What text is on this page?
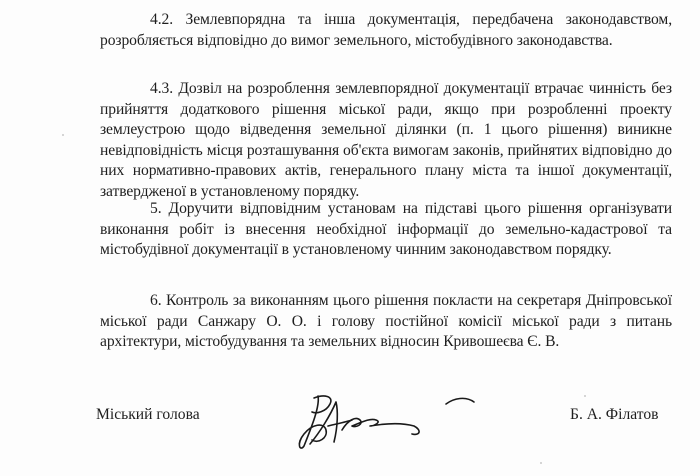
4.2. Землевпорядна та інша документація, передбачена законодавством, розробляється відповідно до вимог земельного, містобудівного законодавства.
4.3. Дозвіл на розроблення землевпорядної документації втрачає чинність без прийняття додаткового рішення міської ради, якщо при розробленні проекту землеустрою щодо відведення земельної ділянки (п. 1 цього рішення) виникне невідповідність місця розташування об'єкта вимогам законів, прийнятих відповідно до них нормативно-правових актів, генерального плану міста та іншої документації, затвердженої в установленому порядку.
5. Доручити відповідним установам на підставі цього рішення організувати виконання робіт із внесення необхідної інформації до земельно-кадастрової та містобудівної документації в установленому чинним законодавством порядку.
6. Контроль за виконанням цього рішення покласти на секретаря Дніпровської міської ради Санжару О. О. і голову постійної комісії міської ради з питань архітектури, містобудування та земельних відносин Кривошеєва Є. В.
Міський голова	Б. А. Філатов
